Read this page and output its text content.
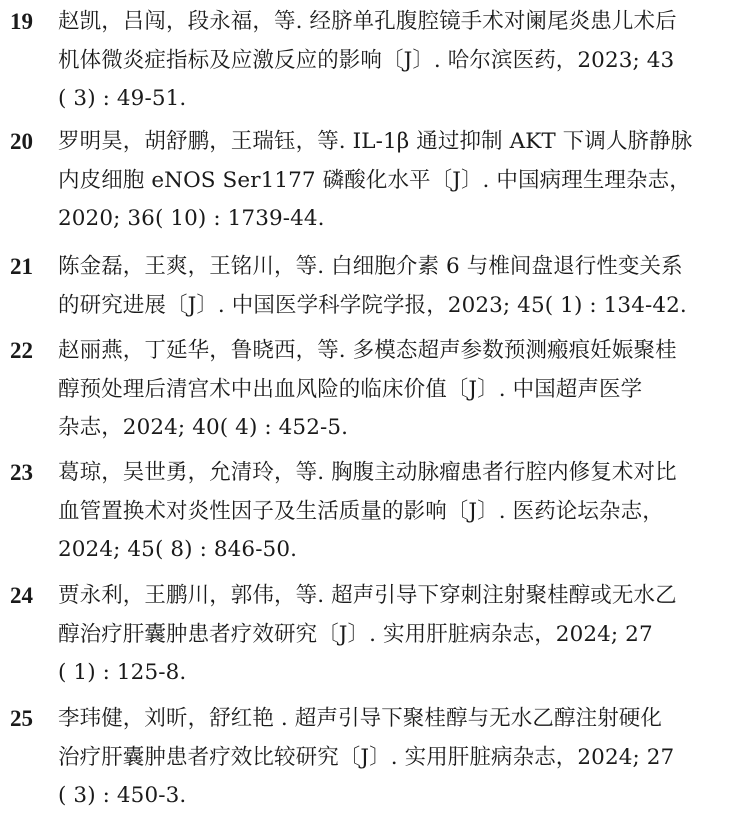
19 赵凯，吕闯，段永福，等. 经脐单孔腹腔镜手术对阑尾炎患儿术后
机体微炎症指标及应激反应的影响〔J〕. 哈尔滨医药，2023; 43
( 3) : 49-51.
20 罗明昊，胡舒鹏，王瑞钰，等. IL-1β 通过抑制 AKT 下调人脐静脉
内皮细胞 eNOS Ser1177 磷酸化水平〔J〕. 中国病理生理杂志，
2020; 36( 10) : 1739-44.
21 陈金磊，王爽，王铭川，等. 白细胞介素 6 与椎间盘退行性变关系
的研究进展〔J〕. 中国医学科学院学报，2023; 45( 1) : 134-42.
22 赵丽燕，丁延华，鲁晓西，等. 多模态超声参数预测瘢痕妊娠聚桂
醇预处理后清宫术中出血风险的临床价值〔J〕. 中国超声医学
杂志，2024; 40( 4) : 452-5.
23 葛琼，吴世勇，允清玲，等. 胸腹主动脉瘤患者行腔内修复术对比
血管置换术对炎性因子及生活质量的影响〔J〕. 医药论坛杂志，
2024; 45( 8) : 846-50.
24 贾永利，王鹏川，郭伟，等. 超声引导下穿刺注射聚桂醇或无水乙
醇治疗肝囊肿患者疗效研究〔J〕. 实用肝脏病杂志，2024; 27
( 1) : 125-8.
25 李玮健，刘昕，舒红艳 . 超声引导下聚桂醇与无水乙醇注射硬化
治疗肝囊肿患者疗效比较研究〔J〕. 实用肝脏病杂志，2024; 27
( 3) : 450-3.
